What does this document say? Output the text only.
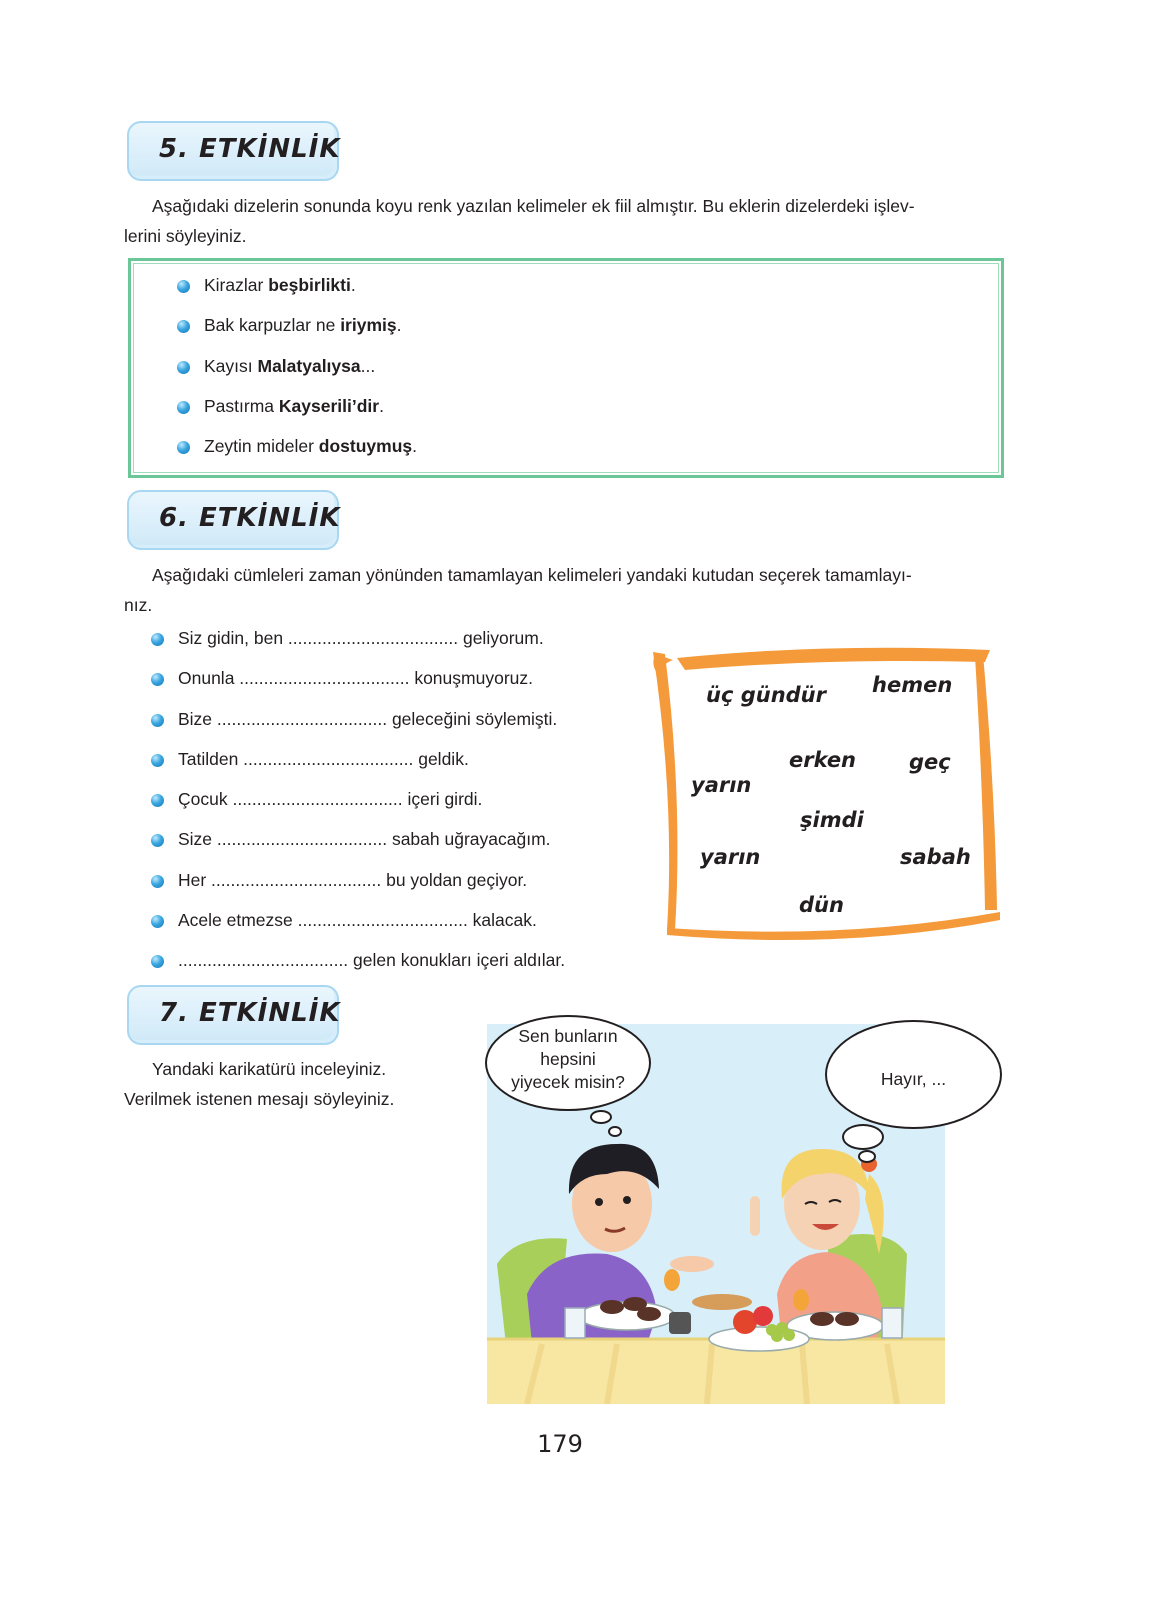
5. ETKİNLİK
Aşağıdaki dizelerin sonunda koyu renk yazılan kelimeler ek fiil almıştır. Bu eklerin dizelerdeki işlev-
lerini söyleyiniz.
Kirazlar beşbirlikti.
Bak karpuzlar ne iriymiş.
Kayısı Malatyalıysa...
Pastırma Kayserili’dir.
Zeytin mideler dostuymuş.
6. ETKİNLİK
Aşağıdaki cümleleri zaman yönünden tamamlayan kelimeleri yandaki kutudan seçerek tamamlayı-
nız.
Siz gidin, ben ................................... geliyorum.
Onunla ................................... konuşmuyoruz.
Bize ................................... geleceğini söylemişti.
Tatilden ................................... geldik.
Çocuk ................................... içeri girdi.
Size ................................... sabah uğrayacağım.
Her ................................... bu yoldan geçiyor.
Acele etmezse ................................... kalacak.
................................... gelen konukları içeri aldılar.
üç gündür hemen
erken	geç
yarın
şimdi
yarın	sabah
dün
7. ETKİNLİK
Yandaki karikatürü inceleyiniz.
Verilmek istenen mesajı söyleyiniz.
Sen bunların
hepsini
yiyecek misin?	Hayır, ...
179
